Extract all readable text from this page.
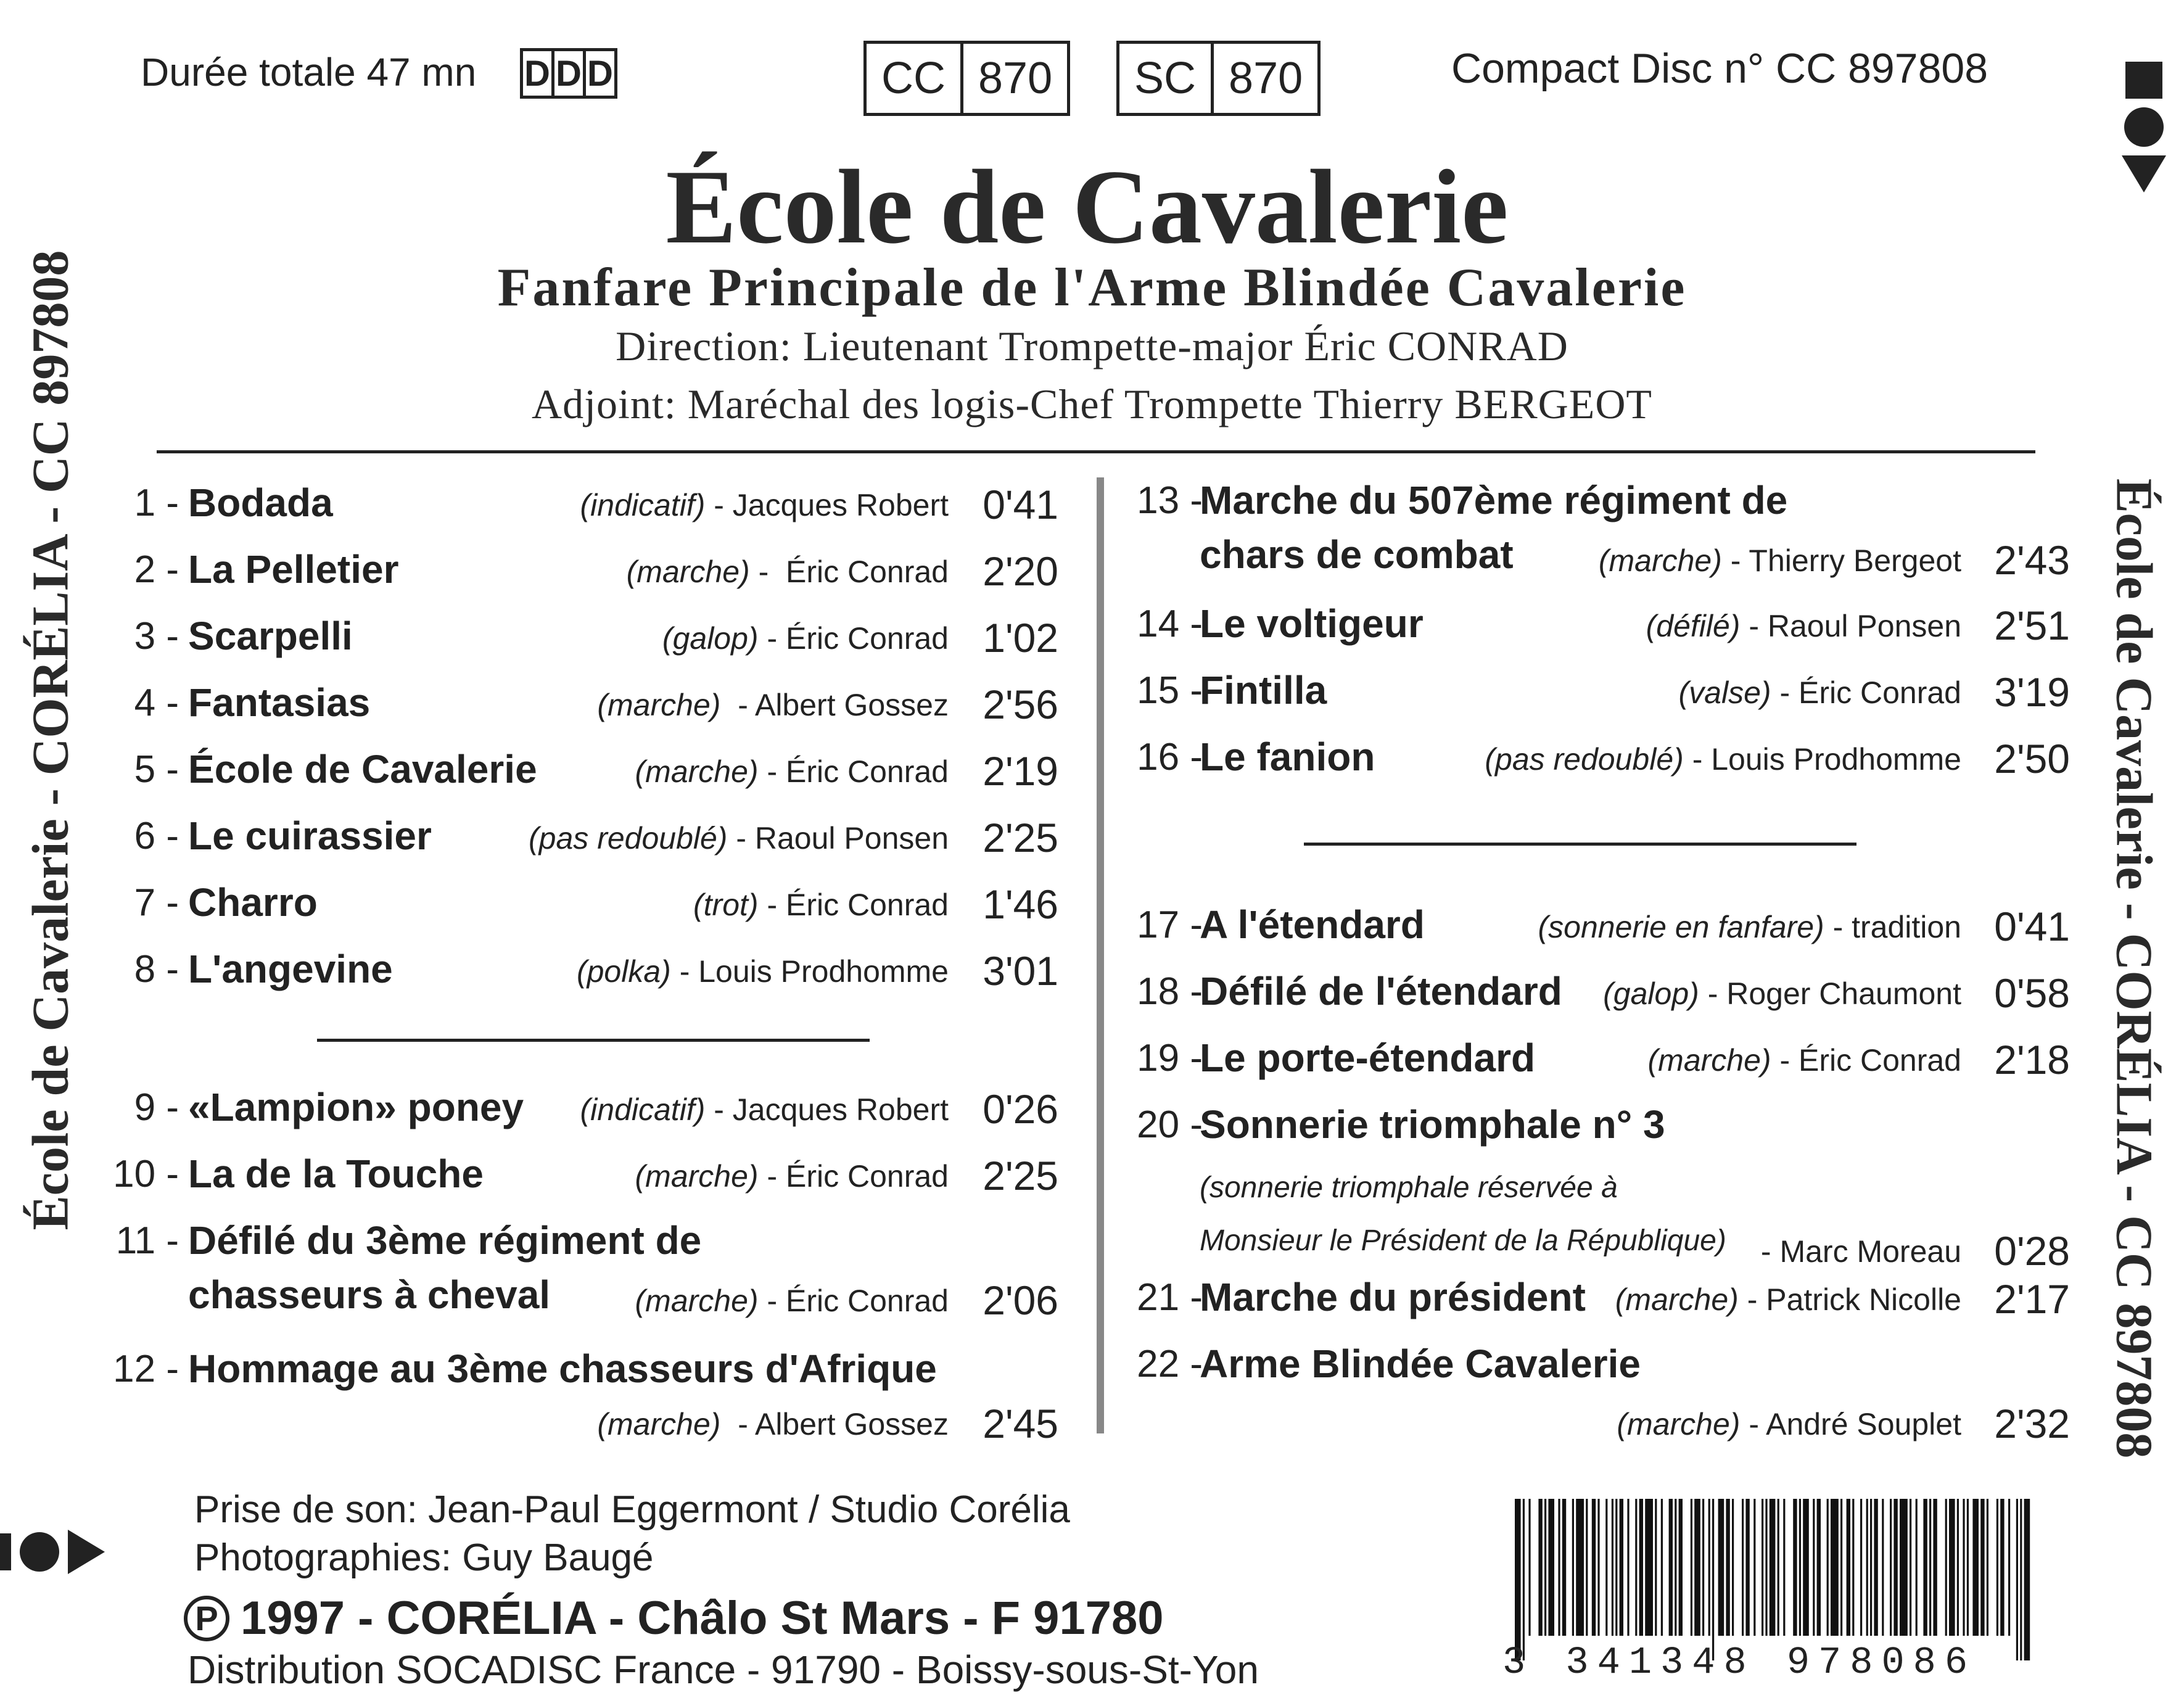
École de Cavalerie - CORÉLIA - CC 897808	École de Cavalerie - CORÉLIA - CC 897808
Durée totale 47 mn D D D	CC 870	SC 870	Compact Disc n° CC 897808
École de Cavalerie
Fanfare Principale de l'Arme Blindée Cavalerie
Direction: Lieutenant Trompette-major Éric CONRAD
Adjoint: Maréchal des logis-Chef Trompette Thierry BERGEOT
1 - Bodada	(indicatif) - Jacques Robert 0'41
2 - La Pelletier	(marche) -  Éric Conrad 2'20
3 - Scarpelli	(galop) - Éric Conrad 1'02
4 - Fantasias	(marche)  - Albert Gossez 2'56
5 - École de Cavalerie	(marche) - Éric Conrad 2'19
6 - Le cuirassier	(pas redoublé) - Raoul Ponsen 2'25
7 - Charro	(trot) - Éric Conrad 1'46
8 - L'angevine	(polka) - Louis Prodhomme 3'01
9 - «Lampion» poney (indicatif) - Jacques Robert 0'26
10 - La de la Touche	(marche) - Éric Conrad 2'25
11 - Défilé du 3ème régiment de
chasseurs à cheval	(marche) - Éric Conrad 2'06
12 - Hommage au 3ème chasseurs d'Afrique
(marche)  - Albert Gossez 2'45
13 -
Marche du 507ème régiment de
chars de combat	(marche) - Thierry Bergeot 2'43
14 -
Le voltigeur	(défilé) - Raoul Ponsen 2'51
15 -
Fintilla	(valse) - Éric Conrad 3'19
16 -
Le fanion	(pas redoublé) - Louis Prodhomme 2'50
17 -
A l'étendard	(sonnerie en fanfare) - tradition 0'41
18 -
Défilé de l'étendard (galop) - Roger Chaumont 0'58
19 -
Le porte-étendard	(marche) - Éric Conrad 2'18
20 -
Sonnerie triomphale n° 3
(sonnerie triomphale réservée à
Monsieur le Président de la République) - Marc Moreau 0'28
21 -
Marche du président (marche) - Patrick Nicolle 2'17
22 -
Arme Blindée Cavalerie
(marche) - André Souplet 2'32
Prise de son: Jean-Paul Eggermont / Studio Corélia
Photographies: Guy Baugé
P 1997 - CORÉLIA - Châlo St Mars - F 91780
Distribution SOCADISC France - 91790 - Boissy-sous-St-Yon	3 341348 978086
